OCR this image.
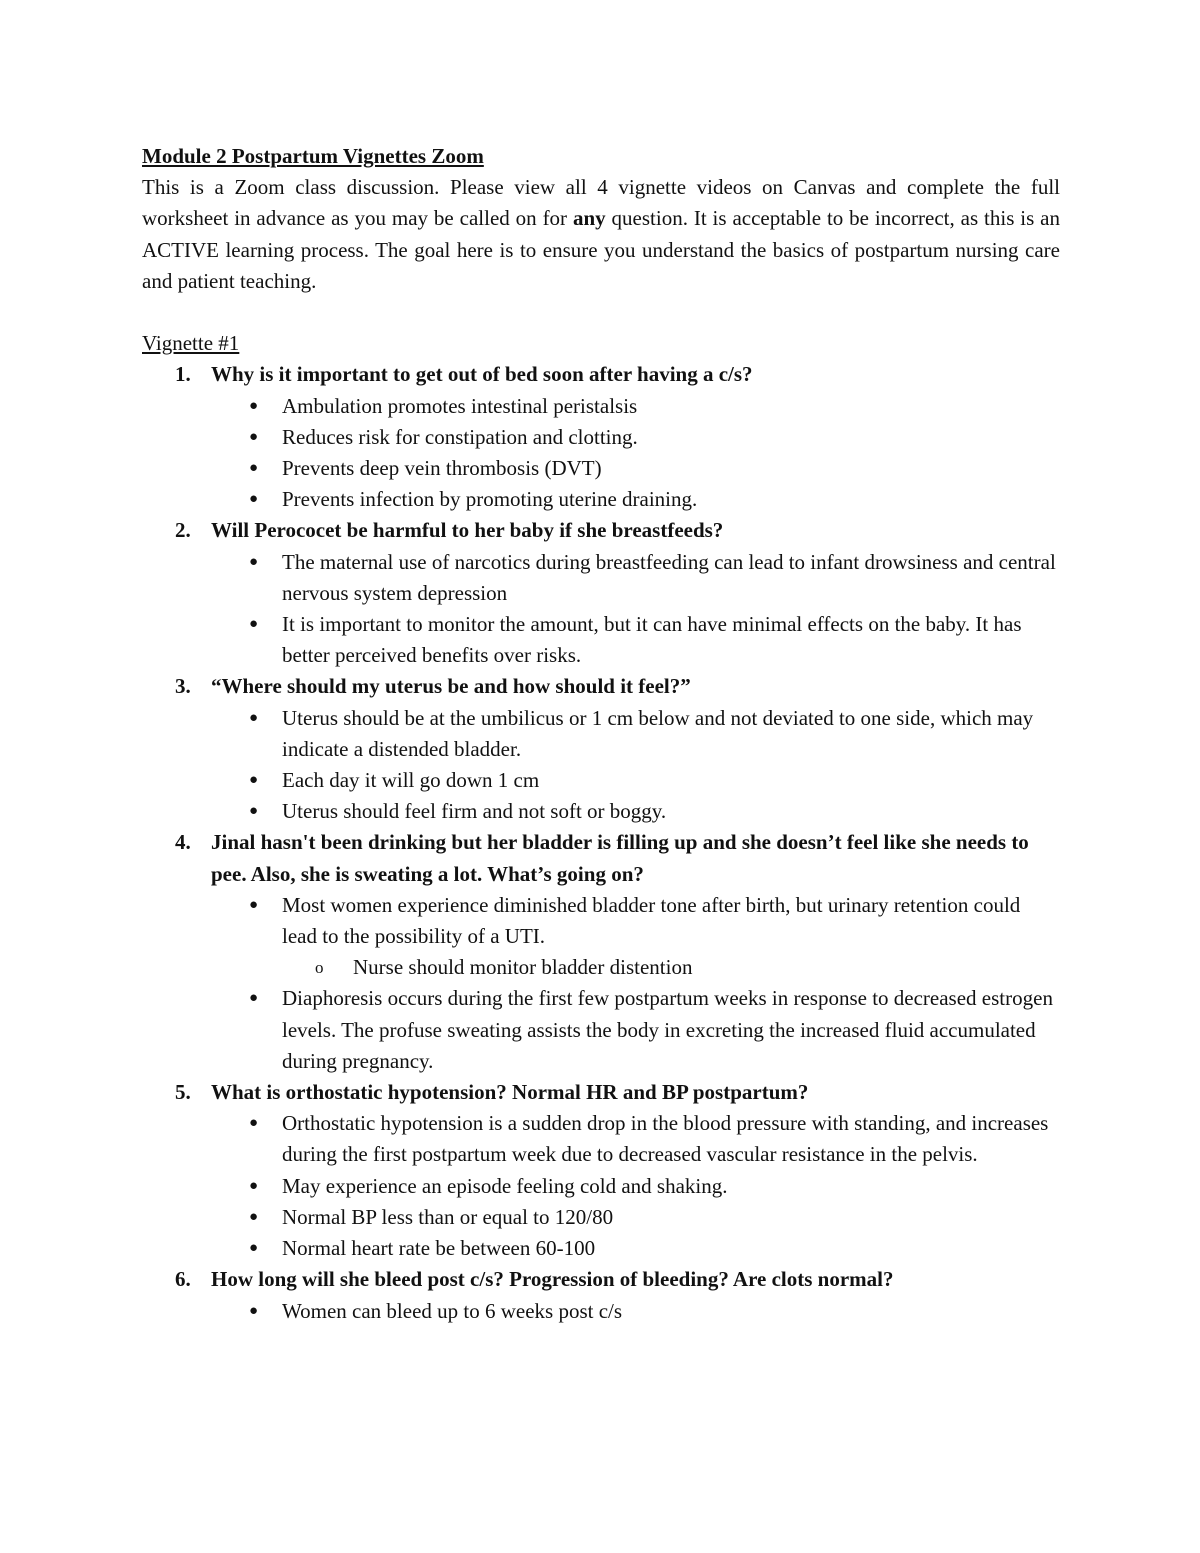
Module 2 Postpartum Vignettes Zoom

This is a Zoom class discussion. Please view all 4 vignette videos on Canvas and complete the full worksheet in advance as you may be called on for any question. It is acceptable to be incorrect, as this is an ACTIVE learning process. The goal here is to ensure you understand the basics of postpartum nursing care and patient teaching.

Vignette #1

1. Why is it important to get out of bed soon after having a c/s?
● Ambulation promotes intestinal peristalsis
● Reduces risk for constipation and clotting.
● Prevents deep vein thrombosis (DVT)
● Prevents infection by promoting uterine draining.
2. Will Perococet be harmful to her baby if she breastfeeds?
● The maternal use of narcotics during breastfeeding can lead to infant drowsiness and central nervous system depression
● It is important to monitor the amount, but it can have minimal effects on the baby. It has better perceived benefits over risks.
3. “Where should my uterus be and how should it feel?”
● Uterus should be at the umbilicus or 1 cm below and not deviated to one side, which may indicate a distended bladder.
● Each day it will go down 1 cm
● Uterus should feel firm and not soft or boggy.
4. Jinal hasn't been drinking but her bladder is filling up and she doesn’t feel like she needs to pee. Also, she is sweating a lot. What’s going on?
● Most women experience diminished bladder tone after birth, but urinary retention could lead to the possibility of a UTI.
o Nurse should monitor bladder distention
● Diaphoresis occurs during the first few postpartum weeks in response to decreased estrogen levels. The profuse sweating assists the body in excreting the increased fluid accumulated during pregnancy.
5. What is orthostatic hypotension? Normal HR and BP postpartum?
● Orthostatic hypotension is a sudden drop in the blood pressure with standing, and increases during the first postpartum week due to decreased vascular resistance in the pelvis.
● May experience an episode feeling cold and shaking.
● Normal BP less than or equal to 120/80
● Normal heart rate be between 60-100
6. How long will she bleed post c/s? Progression of bleeding? Are clots normal?
● Women can bleed up to 6 weeks post c/s
